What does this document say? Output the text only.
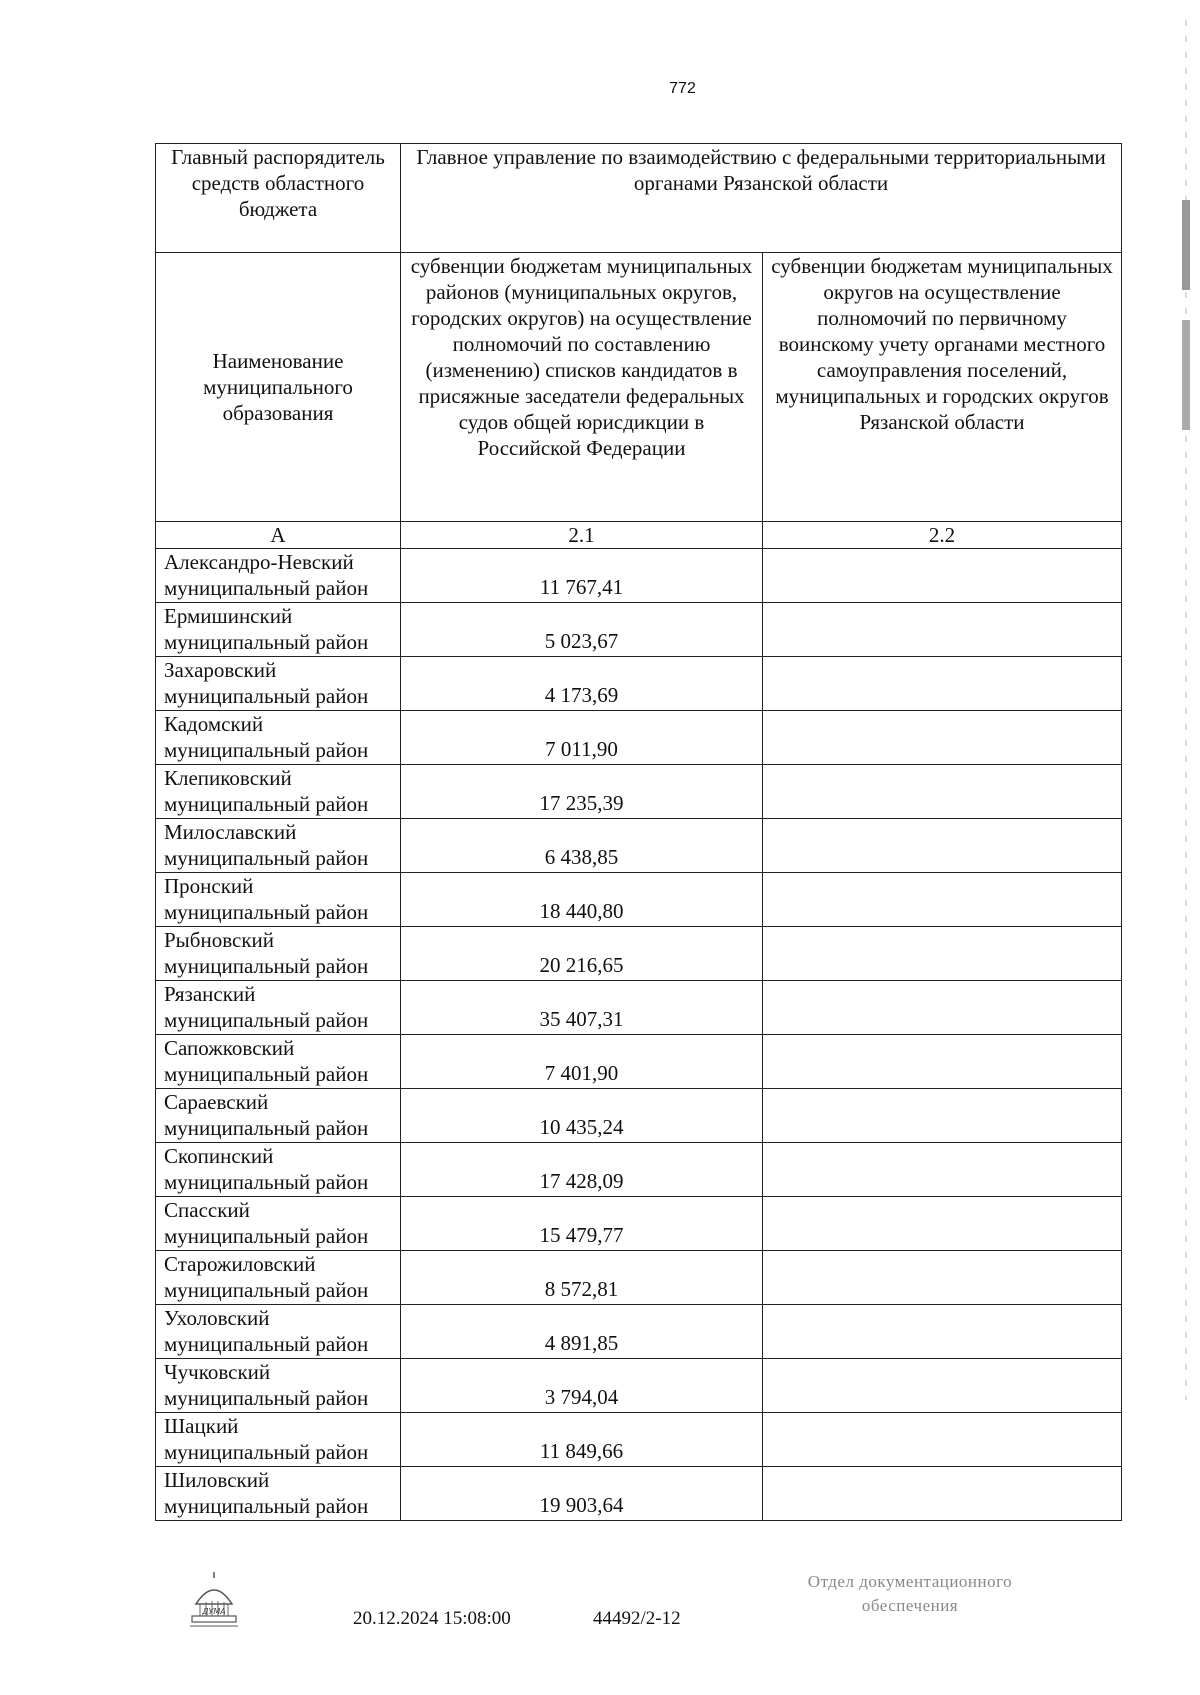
772
Главный распорядитель средств областного бюджета	Главное управление по взаимодействию с федеральными территориальными органами Рязанской области	
Наименование муниципального образования	субвенции бюджетам муниципальных районов (муниципальных округов, городских округов) на осуществление полномочий по составлению (изменению) списков кандидатов в присяжные заседатели федеральных судов общей юрисдикции в Российской Федерации	субвенции бюджетам муниципальных округов на осуществление полномочий по первичному воинскому учету органами местного самоуправления поселений, муниципальных и городских округов Рязанской области
А	2.1	2.2

Александро-Невский
муниципальный район	11 767,41	

Ермишинский
муниципальный район	5 023,67	

Захаровский
муниципальный район	4 173,69	

Кадомский
муниципальный район	7 011,90	

Клепиковский
муниципальный район	17 235,39	

Милославский
муниципальный район	6 438,85	

Пронский
муниципальный район	18 440,80	

Рыбновский
муниципальный район	20 216,65	

Рязанский
муниципальный район	35 407,31	

Сапожковский
муниципальный район	7 401,90	

Сараевский
муниципальный район	10 435,24	

Скопинский
муниципальный район	17 428,09	

Спасский
муниципальный район	15 479,77	

Старожиловский
муниципальный район	8 572,81	

Ухоловский
муниципальный район	4 891,85	

Чучковский
муниципальный район	3 794,04	

Шацкий
муниципальный район	11 849,66	

Шиловский
муниципальный район	19 903,64	
ДУМА	20.12.2024 15:08:00	44492/2-12
Отдел документационного
обеспечения
